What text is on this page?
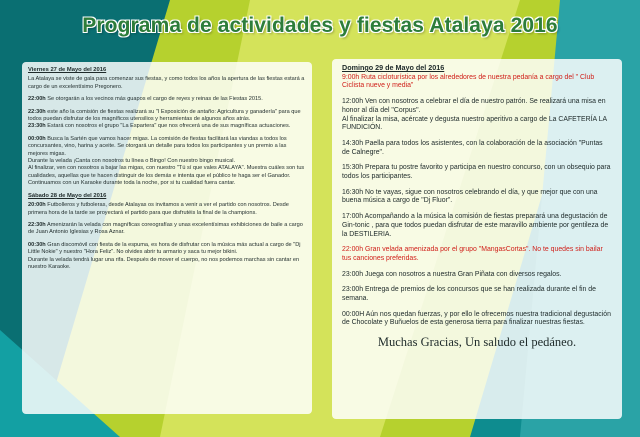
Programa de actividades y fiestas Atalaya 2016
Viernes 27 de Mayo del 2016

La Atalaya se viste de gala para comenzar sus fiestas, y como todos los años la apertura de las fiestas estará a cargo de un excelentísimo Pregonero.

22:00h Se otorgarán a los vecinos más guapos el cargo de reyes y reinas de las Fiestas 2015.

22:30h este año la comisión de fiestas realizará su "I Exposición de antaño: Agricultura y ganadería" para que todos puedan disfrutar de los magníficos utensilios y herramientas de algunos años atrás.
23:30h Estará con nosotros el grupo "La Espartera" que nos ofrecerá una de sus magníficas actuaciones.

00:00h Busca la Sartén que vamos hacer migas. La comisión de fiestas facilitará las viandas a todos los concursantes, vino, harina y aceite. Se otorgará un detalle para todos los participantes y un premio a las mejores migas.
Durante la velada ¡Canta con nosotros tu línea o Bingo! Con nuestro bingo musical.
Al finalizar, ven con nosotros a bajar las migas, con nuestro "Tú sí que vales ATALAYA". Muestra cuáles son tus cualidades, aquellas que te hacen distinguir de los demás e intenta que el público te haga ser el Ganador. Continuamos con un Karaoke durante toda la noche, por si tu cualidad fuera cantar.

Sábado 28 de Mayo del 2016

20:00h Futbolleros y futboleras, desde Atalayas os invitamos a venir a ver el partido con nosotros. Desde primera hora de la tarde se proyectará el partido para que disfrutéis la final de la champions.

22:30h Amenizarán la velada con magníficas coreografías y unas excelentísimas exhibiciones de baile a cargo de Juan Antonio Iglesias y Rosa Aznar.

00:30h Gran discomóvil con fiesta de la espuma, es hora de disfrutar con la música más actual a cargo de "Dj Little Nokie" y nuestro "Hora Feliz". No olvides abrir tu armario y saca tu mejor bikini.
Durante la velada tendrá lugar una rifa. Después de mover el cuerpo, no nos podemos marchas sin cantar en nuestro Karaoke.

Domingo 29 de Mayo del 2016

9:00h Ruta cicloturística por los alrededores de nuestra pedanía a cargo del " Club Ciclista nueve y media"

12:00h Ven con nosotros a celebrar el día de nuestro patrón. Se realizará una misa en honor al día del "Corpus".
Al finalizar la misa, acércate y degusta nuestro aperitivo a cargo de La CAFETERÍA LA FUNDICIÓN.

14:30h Paella para todos los asistentes, con la colaboración de la asociación "Puntas de Calnegre".

15:30h Prepara tu postre favorito y participa en nuestro concurso, con un obsequio para todos los participantes.

16:30h No te vayas, sigue con nosotros celebrando el día, y que mejor que con una buena música a cargo de "Dj Fluor".

17:00h Acompañando a la música la comisión de fiestas preparará una degustación de Gin-tonic , para que todos puedan disfrutar de este maravillo ambiente por gentileza de la DESTILERIA.

22:00h Gran velada amenizada por el grupo "MangasCortas". No te quedes sin bailar tus canciones preferidas.

23:00h Juega con nosotros a nuestra Gran Piñata con diversos regalos.

23:00h Entrega de premios de los concursos que se han realizada durante el fin de semana.

00:00H Aún nos quedan fuerzas, y por ello le ofrecemos nuestra tradicional degustación de Chocolate y Buñuelos de esta generosa tierra para finalizar nuestras fiestas.

Muchas Gracias, Un saludo el pedáneo.
